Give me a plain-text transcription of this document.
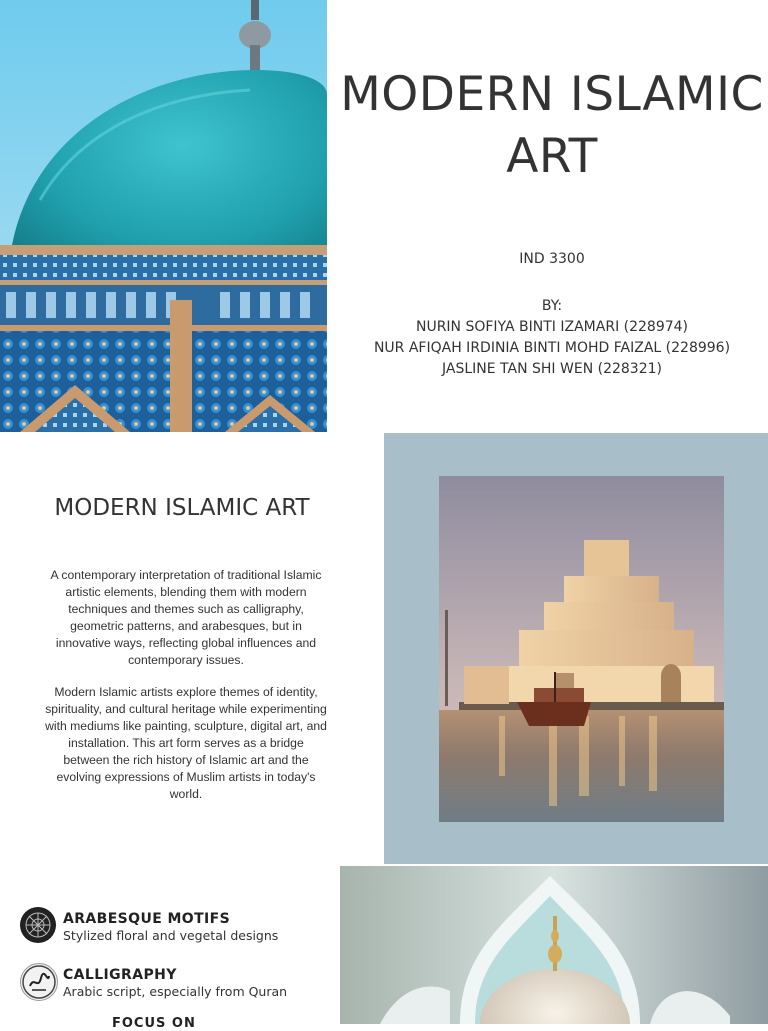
MODERN ISLAMIC ART
IND 3300
BY:
NURIN SOFIYA BINTI IZAMARI (228974)
NUR AFIQAH IRDINIA BINTI MOHD FAIZAL (228996)
JASLINE TAN SHI WEN (228321)
MODERN ISLAMIC ART

A contemporary interpretation of traditional Islamic artistic elements, blending them with modern techniques and themes such as calligraphy, geometric patterns, and arabesques, but in innovative ways, reflecting global influences and contemporary issues.

Modern Islamic artists explore themes of identity, spirituality, and cultural heritage while experimenting with mediums like painting, sculpture, digital art, and installation. This art form serves as a bridge between the rich history of Islamic art and the evolving expressions of Muslim artists in today's world.

ARABESQUE MOTIFS
Stylized floral and vegetal designs
CALLIGRAPHY
Arabic script, especially from Quran
FOCUS ON
